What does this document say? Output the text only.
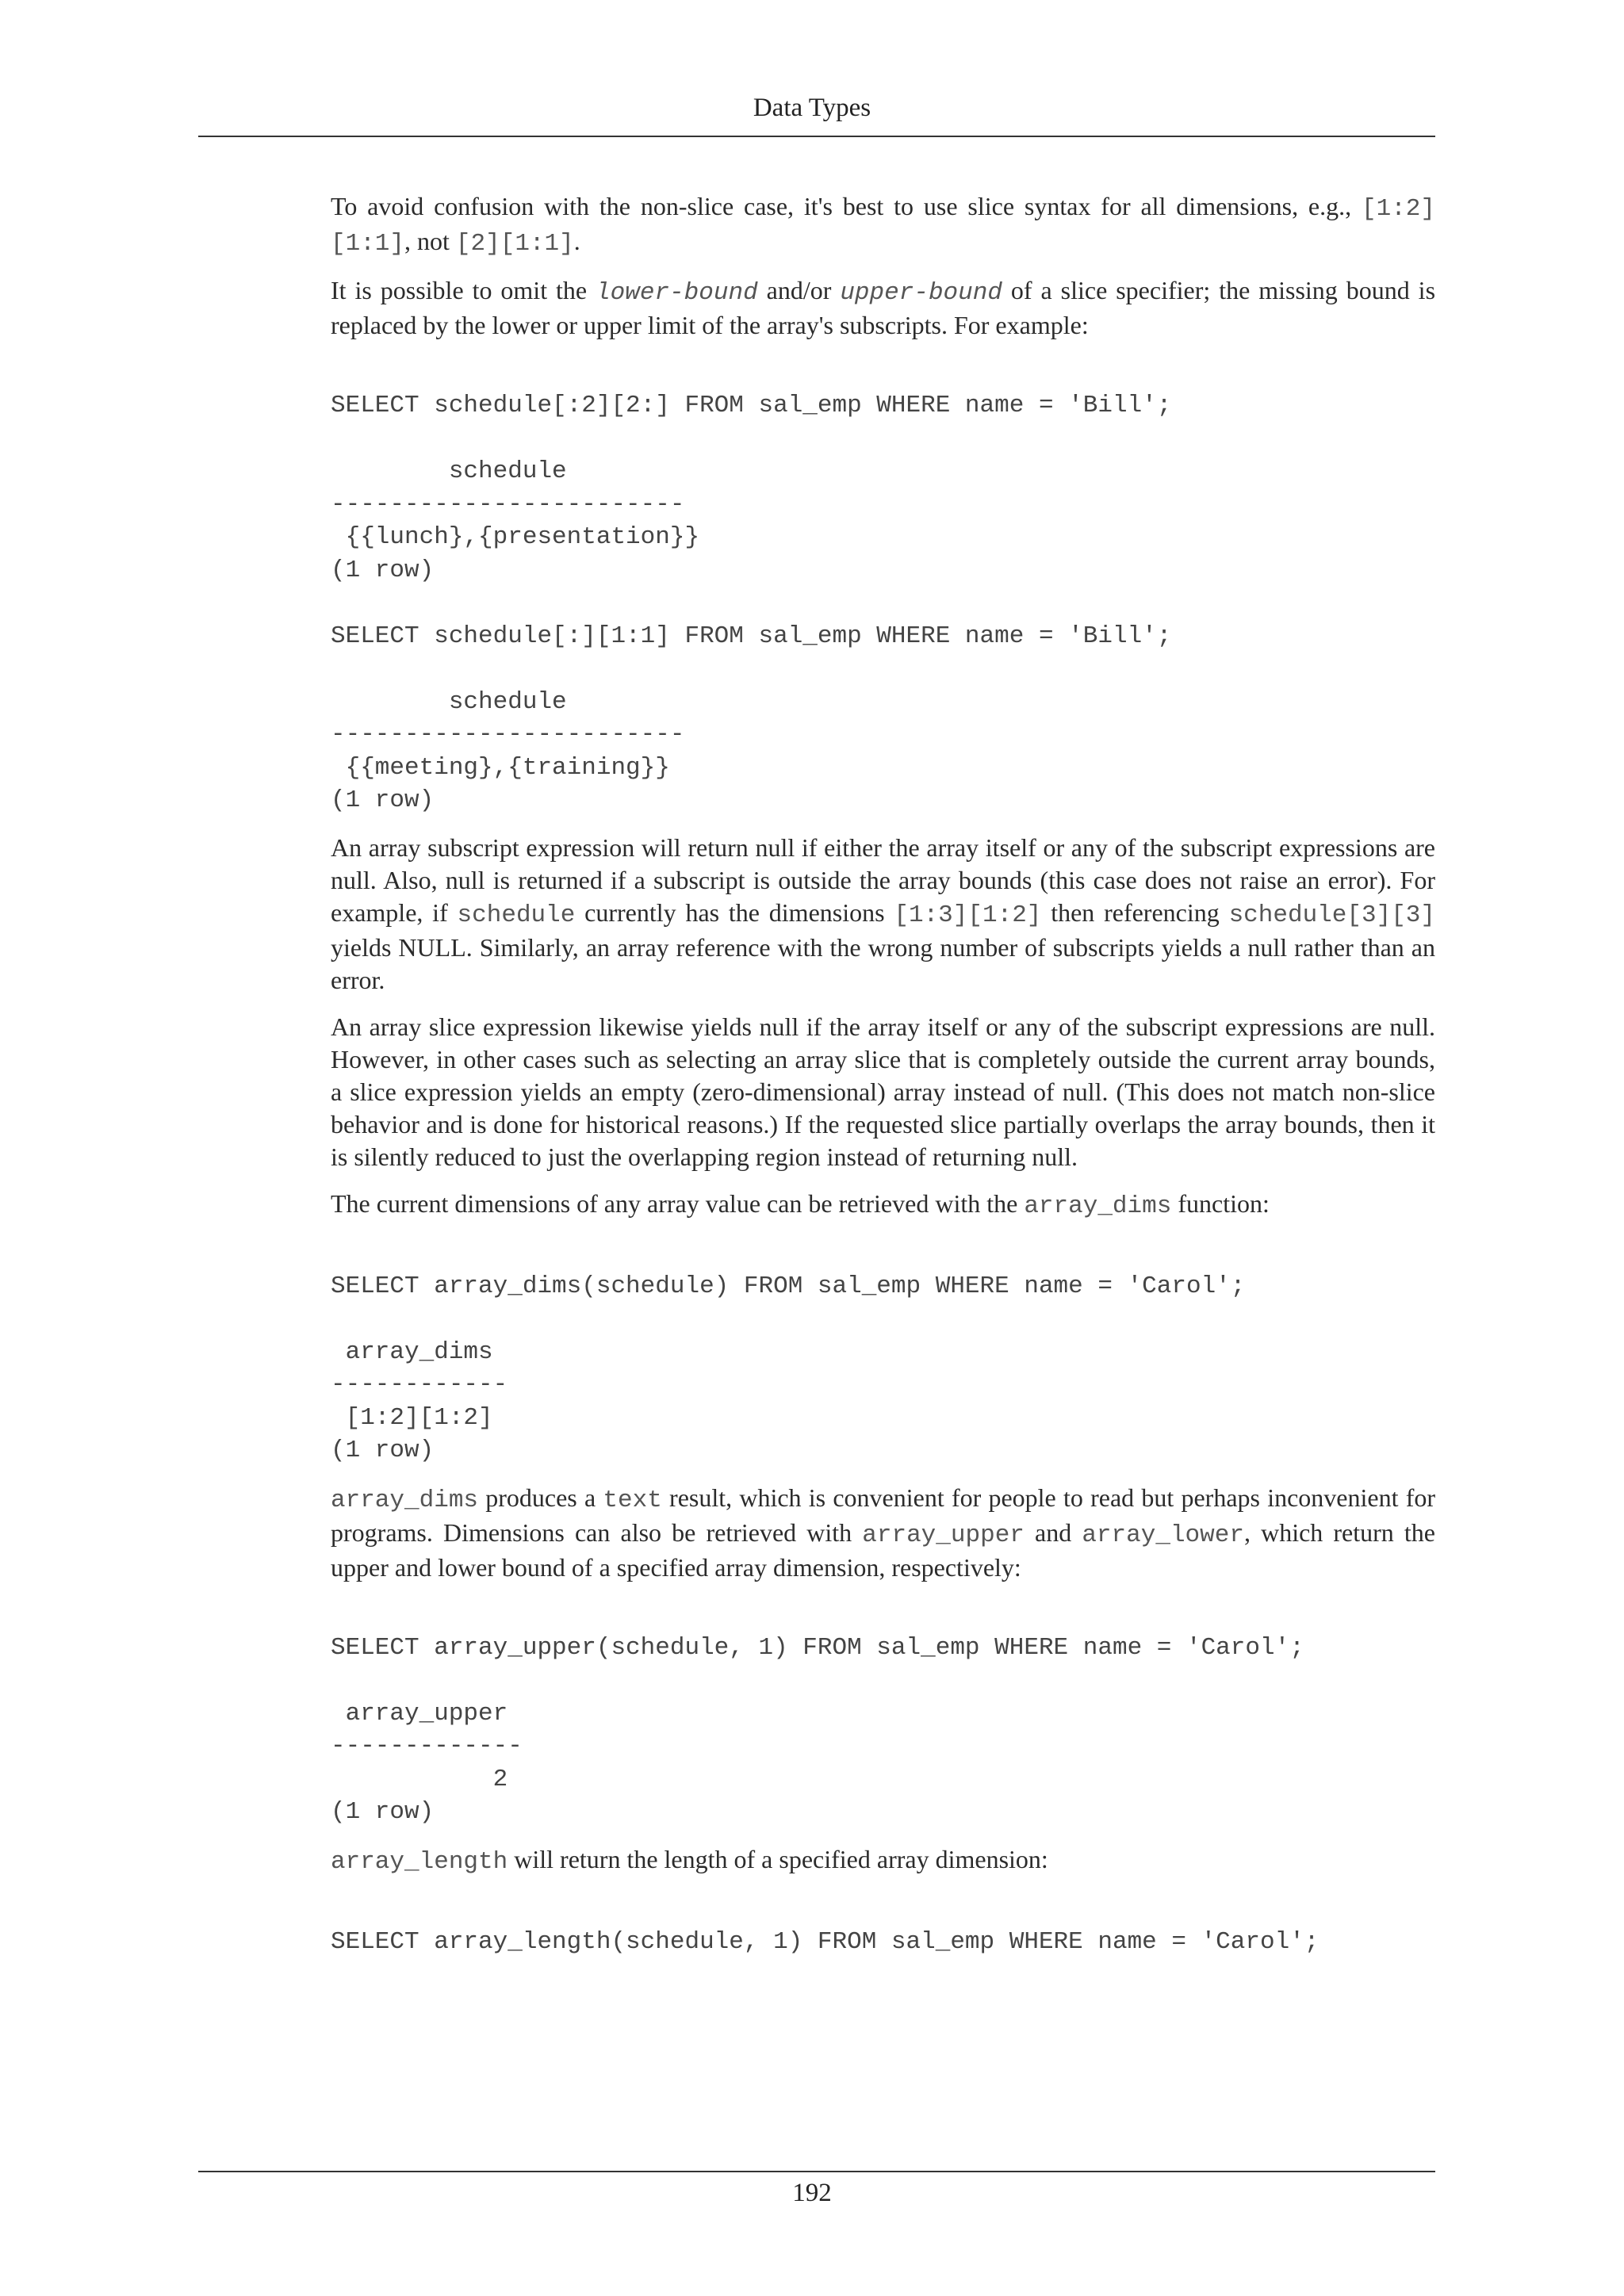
Data Types

To avoid confusion with the non-slice case, it's best to use slice syntax for all dimensions, e.g., [1:2][1:1], not [2][1:1].

It is possible to omit the lower-bound and/or upper-bound of a slice specifier; the missing bound is replaced by the lower or upper limit of the array's subscripts. For example:

SELECT schedule[:2][2:] FROM sal_emp WHERE name = 'Bill';

schedule
------------------------
{{lunch},{presentation}}
(1 row)

SELECT schedule[:][1:1] FROM sal_emp WHERE name = 'Bill';

schedule
------------------------
{{meeting},{training}}
(1 row)

An array subscript expression will return null if either the array itself or any of the subscript expressions are null. Also, null is returned if a subscript is outside the array bounds (this case does not raise an error). For example, if schedule currently has the dimensions [1:3][1:2] then referencing schedule[3][3] yields NULL. Similarly, an array reference with the wrong number of subscripts yields a null rather than an error.

An array slice expression likewise yields null if the array itself or any of the subscript expressions are null. However, in other cases such as selecting an array slice that is completely outside the current array bounds, a slice expression yields an empty (zero-dimensional) array instead of null. (This does not match non-slice behavior and is done for historical reasons.) If the requested slice partially overlaps the array bounds, then it is silently reduced to just the overlapping region instead of returning null.

The current dimensions of any array value can be retrieved with the array_dims function:

SELECT array_dims(schedule) FROM sal_emp WHERE name = 'Carol';

array_dims
------------
[1:2][1:2]
(1 row)

array_dims produces a text result, which is convenient for people to read but perhaps inconvenient for programs. Dimensions can also be retrieved with array_upper and array_lower, which return the upper and lower bound of a specified array dimension, respectively:

SELECT array_upper(schedule, 1) FROM sal_emp WHERE name = 'Carol';

array_upper
-------------
2
(1 row)

array_length will return the length of a specified array dimension:

SELECT array_length(schedule, 1) FROM sal_emp WHERE name = 'Carol';
192
